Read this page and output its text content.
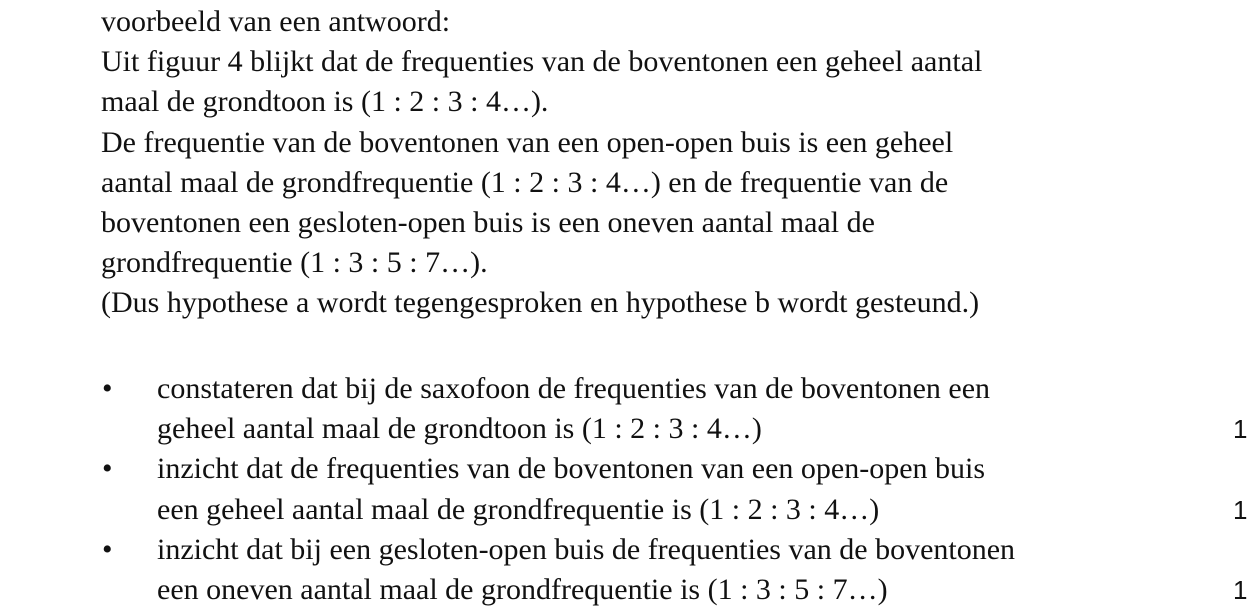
voorbeeld van een antwoord:
Uit figuur 4 blijkt dat de frequenties van de boventonen een geheel aantal
maal de grondtoon is (1 : 2 : 3 : 4…).
De frequentie van de boventonen van een open-open buis is een geheel
aantal maal de grondfrequentie (1 : 2 : 3 : 4…) en de frequentie van de
boventonen een gesloten-open buis is een oneven aantal maal de
grondfrequentie (1 : 3 : 5 : 7…).
(Dus hypothese a wordt tegengesproken en hypothese b wordt gesteund.)
• constateren dat bij de saxofoon de frequenties van de boventonen een
geheel aantal maal de grondtoon is (1 : 2 : 3 : 4…)	1
• inzicht dat de frequenties van de boventonen van een open-open buis
een geheel aantal maal de grondfrequentie is (1 : 2 : 3 : 4…)	1
• inzicht dat bij een gesloten-open buis de frequenties van de boventonen
een oneven aantal maal de grondfrequentie is (1 : 3 : 5 : 7…)	1
